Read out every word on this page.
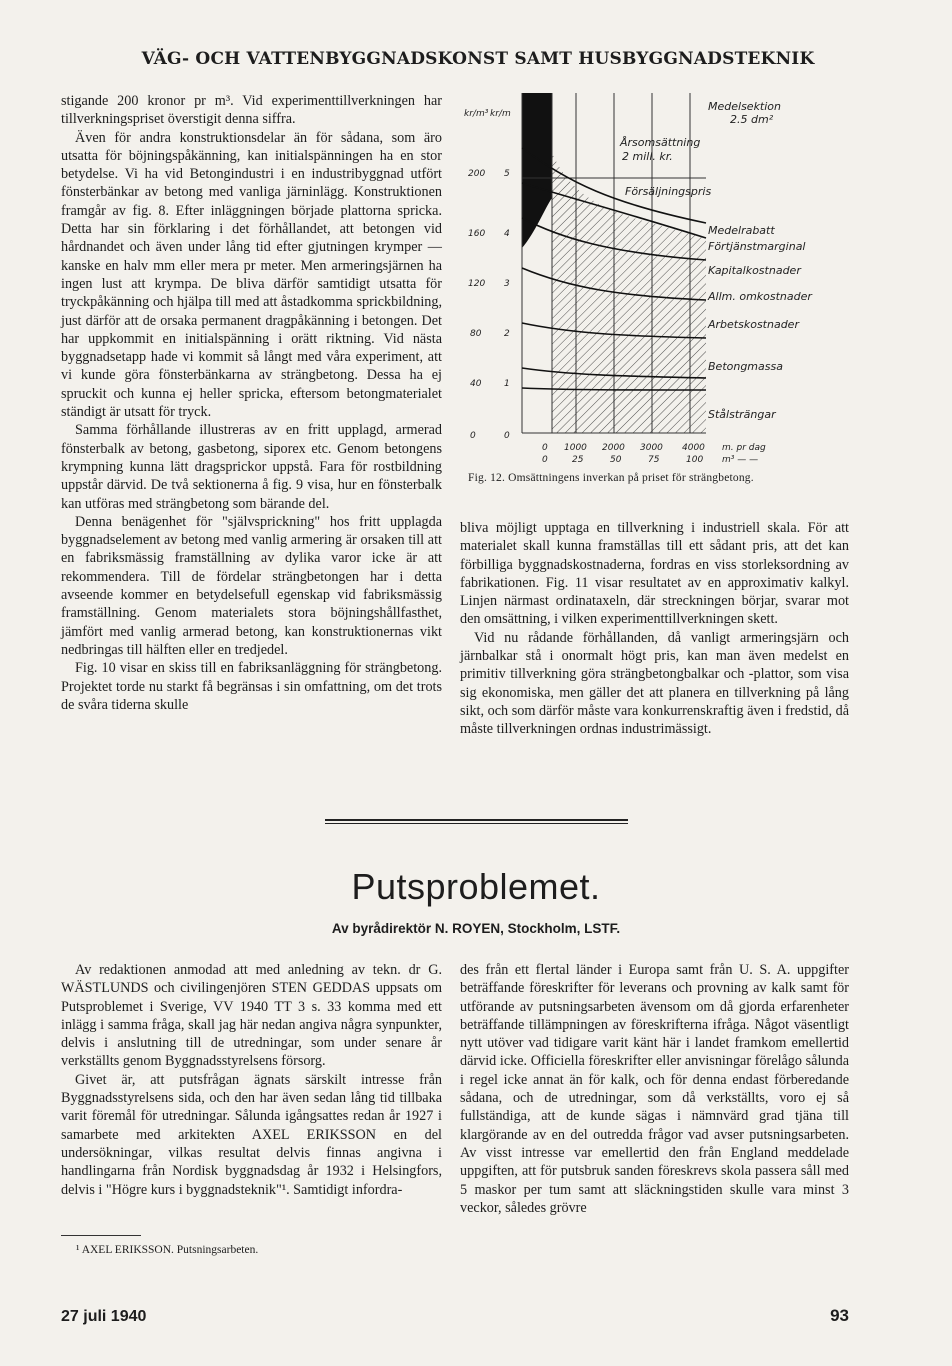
VÄG- OCH VATTENBYGGNADSKONST SAMT HUSBYGGNADSTEKNIK

stigande 200 kronor pr m³. Vid experimenttillverkningen har tillverkningspriset överstigit denna siffra.

Även för andra konstruktionsdelar än för sådana, som äro utsatta för böjningspåkänning, kan initialspänningen ha en stor betydelse. Vi ha vid Betongindustri i en industribyggnad utfört fönsterbänkar av betong med vanliga järninlägg. Konstruktionen framgår av fig. 8. Efter inläggningen började plattorna spricka. Detta har sin förklaring i det förhållandet, att betongen vid hårdnandet och även under lång tid efter gjutningen krymper — kanske en halv mm eller mera pr meter. Men armeringsjärnen ha ingen lust att krympa. De bliva därför samtidigt utsatta för tryckpåkänning och hjälpa till med att åstadkomma sprickbildning, just därför att de orsaka permanent dragpåkänning i betongen. Det har uppkommit en initialspänning i orätt riktning. Vid nästa byggnadsetapp hade vi kommit så långt med våra experiment, att vi kunde göra fönsterbänkarna av strängbetong. Dessa ha ej spruckit och kunna ej heller spricka, eftersom betongmaterialet ständigt är utsatt för tryck.

Samma förhållande illustreras av en fritt upplagd, armerad fönsterbalk av betong, gasbetong, siporex etc. Genom betongens krympning kunna lätt dragsprickor uppstå. Fara för rostbildning uppstår därvid. De två sektionerna å fig. 9 visa, hur en fönsterbalk kan utföras med strängbetong som bärande del.

Denna benägenhet för "självsprickning" hos fritt upplagda byggnadselement av betong med vanlig armering är orsaken till att en fabriksmässig framställning av dylika varor icke är att rekommendera. Till de fördelar strängbetongen har i detta avseende kommer en betydelsefull egenskap vid fabriksmässig framställning. Genom materialets stora böjningshållfasthet, jämfört med vanlig armerad betong, kan konstruktionernas vikt nedbringas till hälften eller en tredjedel.

Fig. 10 visar en skiss till en fabriksanläggning för strängbetong. Projektet torde nu starkt få begränsas i sin omfattning, om det trots de svåra tiderna skulle

kr/m³ kr/m
200
160
120
80
40
0
5
4
3
2
1
0
0 1000 2000 3000 4000 m. pr dag
0	25	50	75	100 m³ — —
Medelsektion
2.5 dm²
Årsomsättning
2 mill. kr.
Försäljningspris
Medelrabatt
Förtjänstmarginal
Kapitalkostnader
Allm. omkostnader
Arbetskostnader
Betongmassa
Stålsträngar
Fig. 12. Omsättningens inverkan på priset för strängbetong.

bliva möjligt upptaga en tillverkning i industriell skala. För att materialet skall kunna framställas till ett sådant pris, att det kan förbilliga byggnadskostnaderna, fordras en viss storleksordning av fabrikationen. Fig. 11 visar resultatet av en approximativ kalkyl. Linjen närmast ordinataxeln, där streckningen börjar, svarar mot den omsättning, i vilken experimenttillverkningen skett.

Vid nu rådande förhållanden, då vanligt armeringsjärn och järnbalkar stå i onormalt högt pris, kan man även medelst en primitiv tillverkning göra strängbetongbalkar och -plattor, som visa sig ekonomiska, men gäller det att planera en tillverkning på lång sikt, och som därför måste vara konkurrenskraftig även i fredstid, då måste tillverkningen ordnas industrimässigt.

Putsproblemet.
Av byrådirektör N. ROYEN, Stockholm, LSTF.

Av redaktionen anmodad att med anledning av tekn. dr G. WÄSTLUNDS och civilingenjören STEN GEDDAS uppsats om Putsproblemet i Sverige, VV 1940 TT 3 s. 33 komma med ett inlägg i samma fråga, skall jag här nedan angiva några synpunkter, delvis i anslutning till de utredningar, som under senare år verkställts genom Byggnadsstyrelsens försorg.

Givet är, att putsfrågan ägnats särskilt intresse från Byggnadsstyrelsens sida, och den har även sedan lång tid tillbaka varit föremål för utredningar. Sålunda igångsattes redan år 1927 i samarbete med arkitekten AXEL ERIKSSON en del undersökningar, vilkas resultat delvis finnas angivna i handlingarna från Nordisk byggnadsdag år 1932 i Helsingfors, delvis i "Högre kurs i byggnadsteknik"¹. Samtidigt infordra-

des från ett flertal länder i Europa samt från U. S. A. uppgifter beträffande föreskrifter för leverans och provning av kalk samt för utförande av putsningsarbeten ävensom om då gjorda erfarenheter beträffande tillämpningen av föreskrifterna ifråga. Något väsentligt nytt utöver vad tidigare varit känt här i landet framkom emellertid därvid icke. Officiella föreskrifter eller anvisningar förelågo sålunda i regel icke annat än för kalk, och för denna endast förberedande sådana, och de utredningar, som då verkställts, voro ej så fullständiga, att de kunde sägas i nämnvärd grad tjäna till klargörande av en del outredda frågor vad avser putsningsarbeten. Av visst intresse var emellertid den från England meddelade uppgiften, att för putsbruk sanden föreskrevs skola passera såll med 5 maskor per tum samt att släckningstiden skulle vara minst 3 veckor, således grövre

¹ AXEL ERIKSSON. Putsningsarbeten.
27 juli 1940	93
